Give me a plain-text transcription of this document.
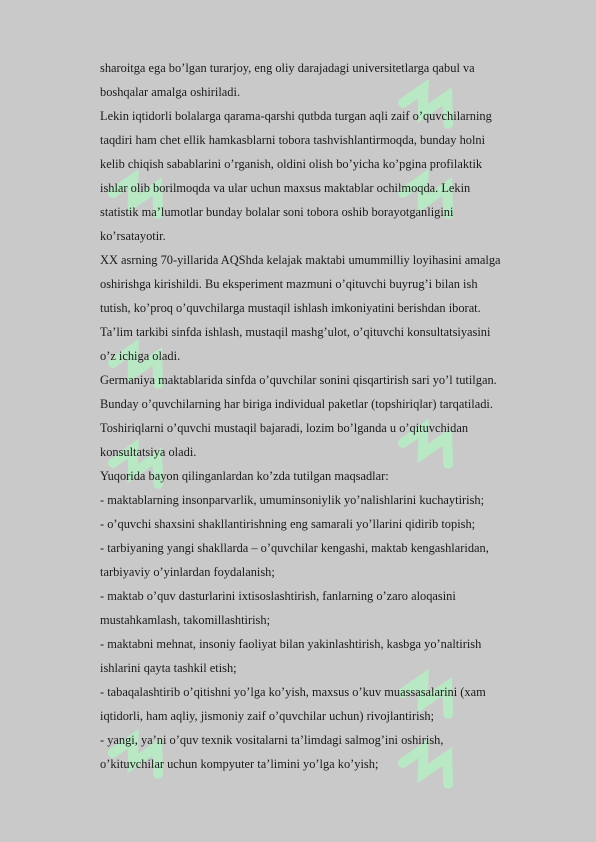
sharoitga ega bo’lgan turarjoy, eng oliy darajadagi universitetlarga qabul va
boshqalar amalga oshiriladi.
Lekin iqtidorli bolalarga qarama-qarshi qutbda turgan aqli zaif o’quvchilarning
taqdiri ham chet ellik hamkasblarni tobora tashvishlantirmoqda, bunday holni
kelib chiqish sabablarini o’rganish, oldini olish bo’yicha ko’pgina profilaktik
ishlar olib borilmoqda va ular uchun maxsus maktablar ochilmoqda. Lekin
statistik ma’lumotlar bunday bolalar soni tobora oshib borayotganligini
ko’rsatayotir.
XX asrning 70-yillarida AQShda kelajak maktabi umummilliy loyihasini amalga
oshirishga kirishildi. Bu eksperiment mazmuni o’qituvchi buyrug’i bilan ish
tutish, ko’proq o’quvchilarga mustaqil ishlash imkoniyatini berishdan iborat.
Ta’lim tarkibi sinfda ishlash, mustaqil mashg’ulot, o’qituvchi konsultatsiyasini
o’z ichiga oladi.
Germaniya maktablarida sinfda o’quvchilar sonini qisqartirish sari yo’l tutilgan.
Bunday o’quvchilarning har biriga individual paketlar (topshiriqlar) tarqatiladi.
Toshiriqlarni o’quvchi mustaqil bajaradi, lozim bo’lganda u o’qituvchidan
konsultatsiya oladi.
Yuqorida bayon qilinganlardan ko’zda tutilgan maqsadlar:
- maktablarning insonparvarlik, umuminsoniylik yo’nalishlarini kuchaytirish;
- o’quvchi shaxsini shakllantirishning eng samarali yo’llarini qidirib topish;
- tarbiyaning yangi shakllarda – o’quvchilar kengashi, maktab kengashlaridan,
tarbiyaviy o’yinlardan foydalanish;
- maktab o’quv dasturlarini ixtisoslashtirish, fanlarning o’zaro aloqasini
mustahkamlash, takomillashtirish;
- maktabni mehnat, insoniy faoliyat bilan yakinlashtirish, kasbga yo’naltirish
ishlarini qayta tashkil etish;
- tabaqalashtirib o’qitishni yo’lga ko’yish, maxsus o’kuv muassasalarini (xam
iqtidorli, ham aqliy, jismoniy zaif o’quvchilar uchun) rivojlantirish;
- yangi, ya’ni o’quv texnik vositalarni ta’limdagi salmog’ini oshirish,
o’kituvchilar uchun kompyuter ta’limini yo’lga ko’yish;
